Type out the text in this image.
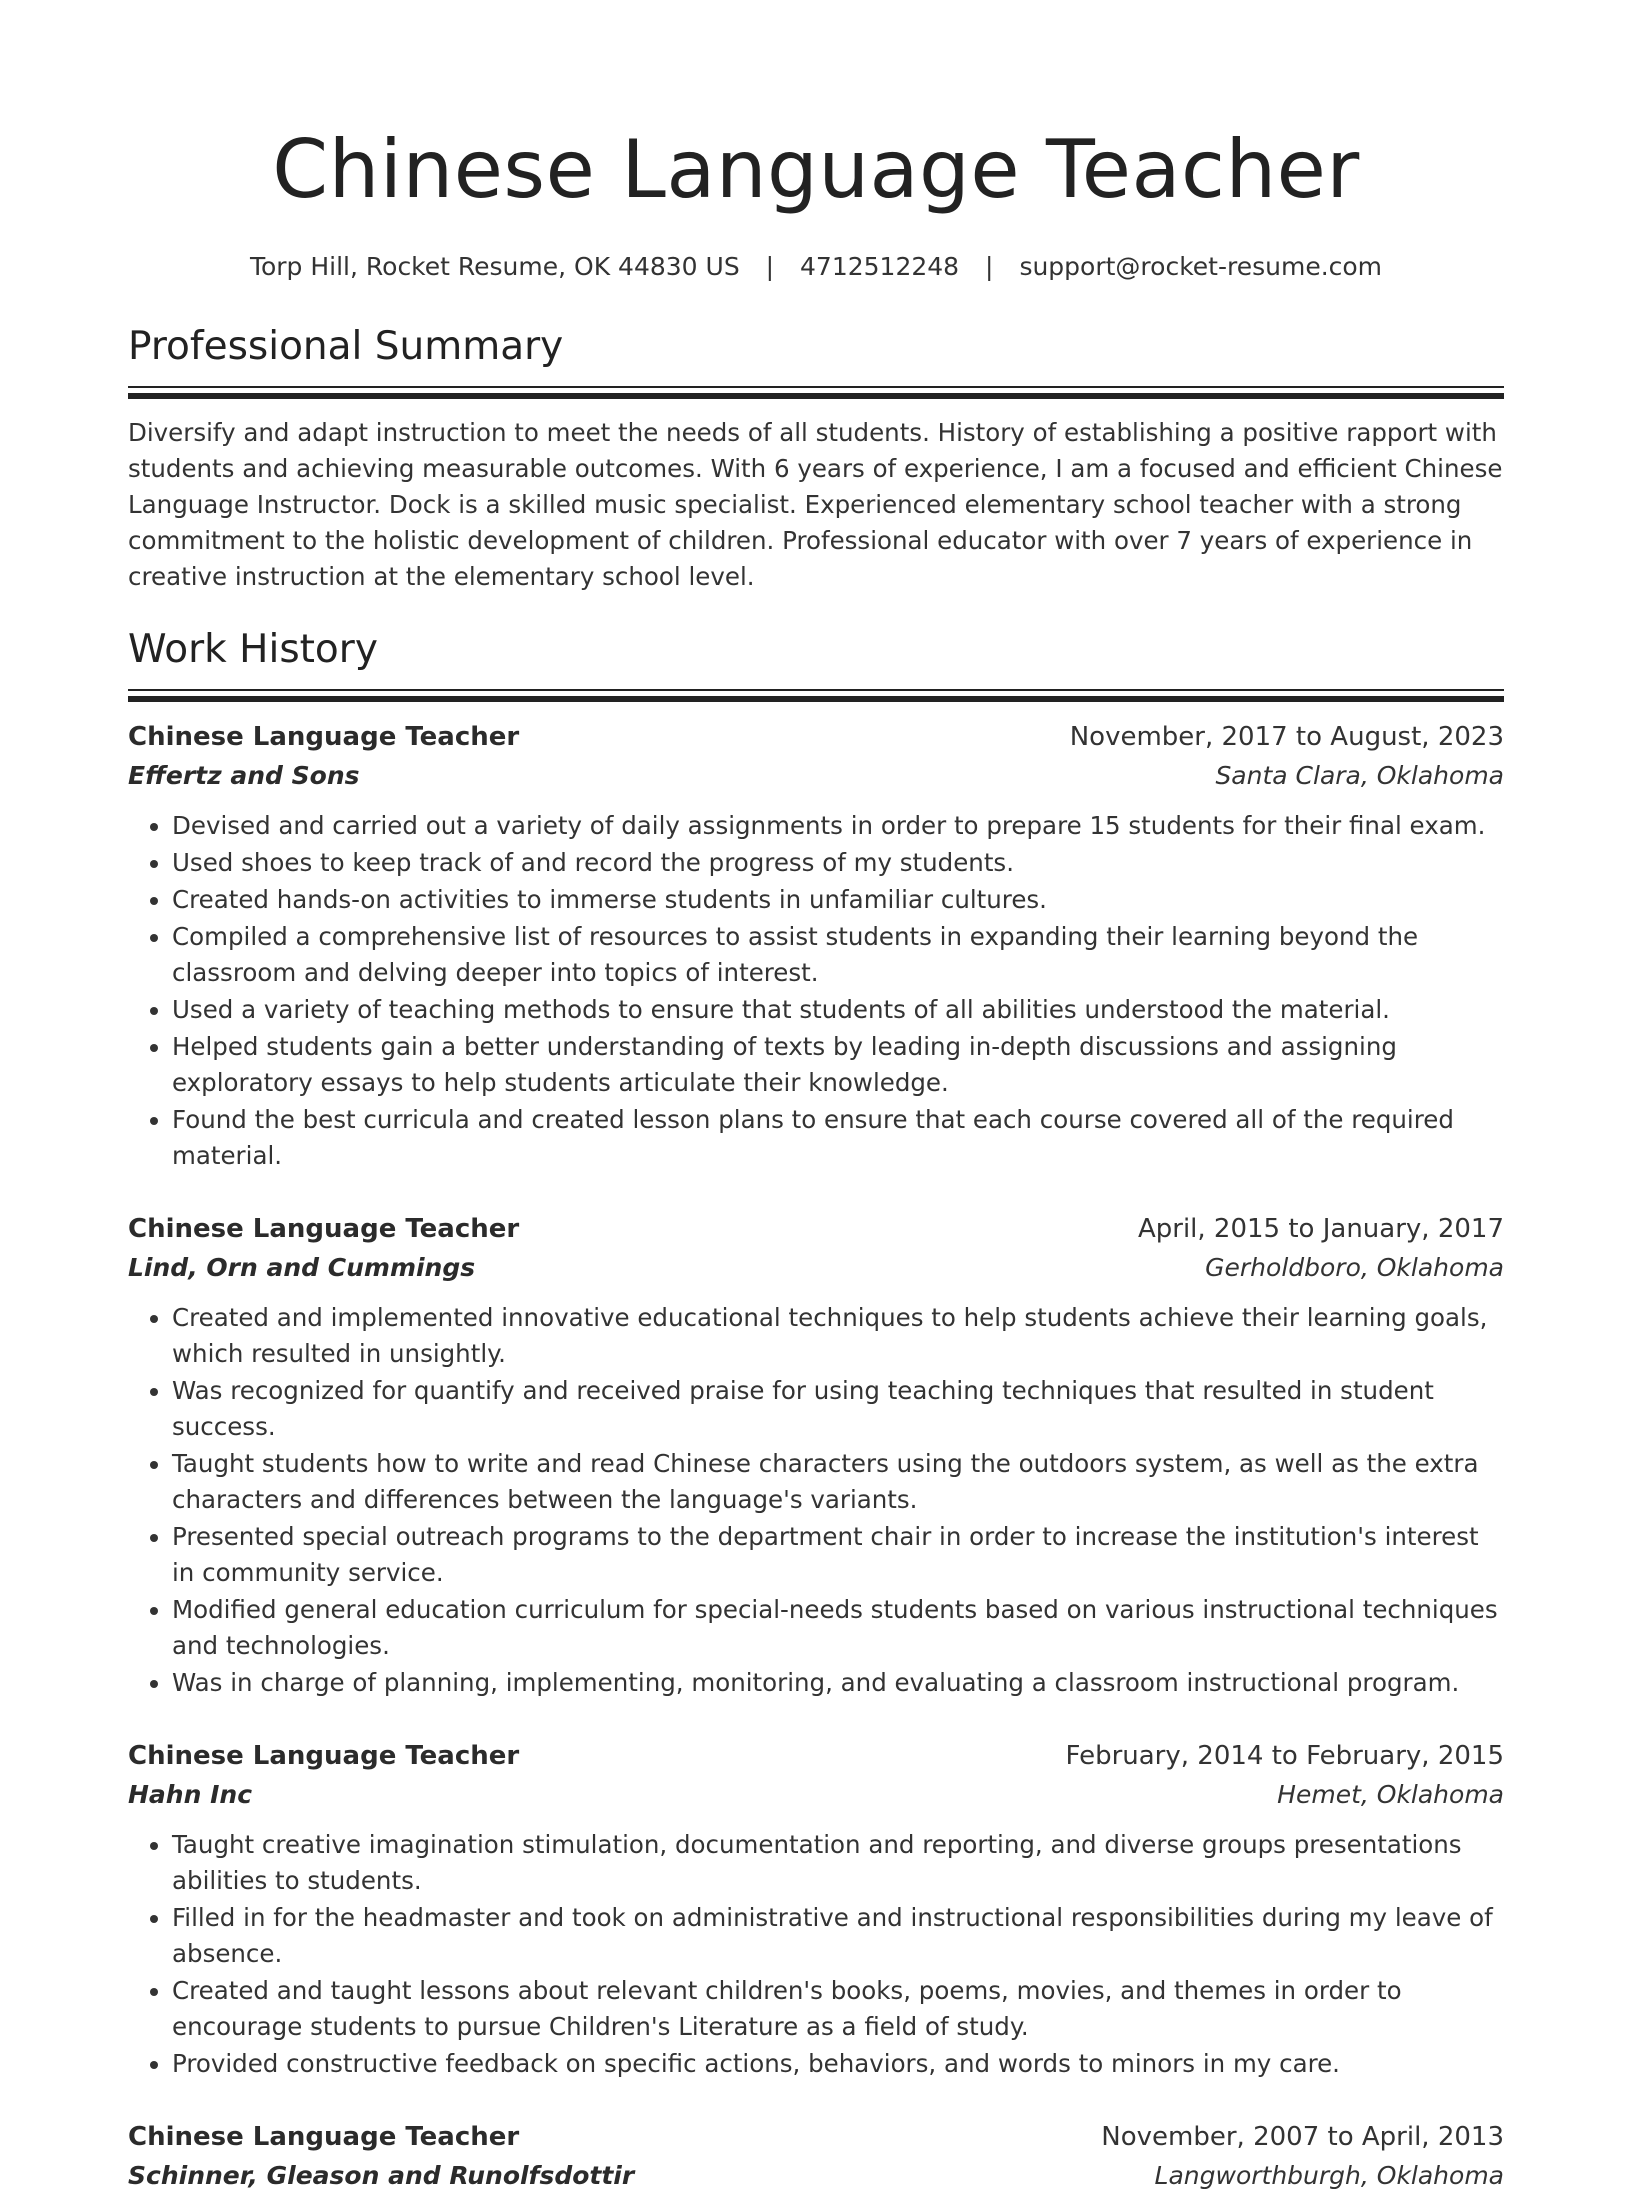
Chinese Language Teacher
Torp Hill, Rocket Resume, OK 44830 US | 4712512248 | support@rocket-resume.com
Professional Summary

Diversify and adapt instruction to meet the needs of all students. History of establishing a positive rapport with students and achieving measurable outcomes. With 6 years of experience, I am a focused and efficient Chinese Language Instructor. Dock is a skilled music specialist. Experienced elementary school teacher with a strong commitment to the holistic development of children. Professional educator with over 7 years of experience in creative instruction at the elementary school level.

Work History
Chinese Language Teacher	November, 2017 to August, 2023
Effertz and Sons	Santa Clara, Oklahoma
• Devised and carried out a variety of daily assignments in order to prepare 15 students for their final exam.
• Used shoes to keep track of and record the progress of my students.
• Created hands-on activities to immerse students in unfamiliar cultures.
• Compiled a comprehensive list of resources to assist students in expanding their learning beyond the classroom and delving deeper into topics of interest.
• Used a variety of teaching methods to ensure that students of all abilities understood the material.
• Helped students gain a better understanding of texts by leading in-depth discussions and assigning exploratory essays to help students articulate their knowledge.
• Found the best curricula and created lesson plans to ensure that each course covered all of the required material.
Chinese Language Teacher	April, 2015 to January, 2017
Lind, Orn and Cummings	Gerholdboro, Oklahoma
• Created and implemented innovative educational techniques to help students achieve their learning goals, which resulted in unsightly.
• Was recognized for quantify and received praise for using teaching techniques that resulted in student success.
• Taught students how to write and read Chinese characters using the outdoors system, as well as the extra characters and differences between the language's variants.
• Presented special outreach programs to the department chair in order to increase the institution's interest in community service.
• Modified general education curriculum for special-needs students based on various instructional techniques and technologies.
• Was in charge of planning, implementing, monitoring, and evaluating a classroom instructional program.
Chinese Language Teacher	February, 2014 to February, 2015
Hahn Inc	Hemet, Oklahoma
• Taught creative imagination stimulation, documentation and reporting, and diverse groups presentations abilities to students.
• Filled in for the headmaster and took on administrative and instructional responsibilities during my leave of absence.
• Created and taught lessons about relevant children's books, poems, movies, and themes in order to encourage students to pursue Children's Literature as a field of study.
• Provided constructive feedback on specific actions, behaviors, and words to minors in my care.
Chinese Language Teacher	November, 2007 to April, 2013
Schinner, Gleason and Runolfsdottir	Langworthburgh, Oklahoma
